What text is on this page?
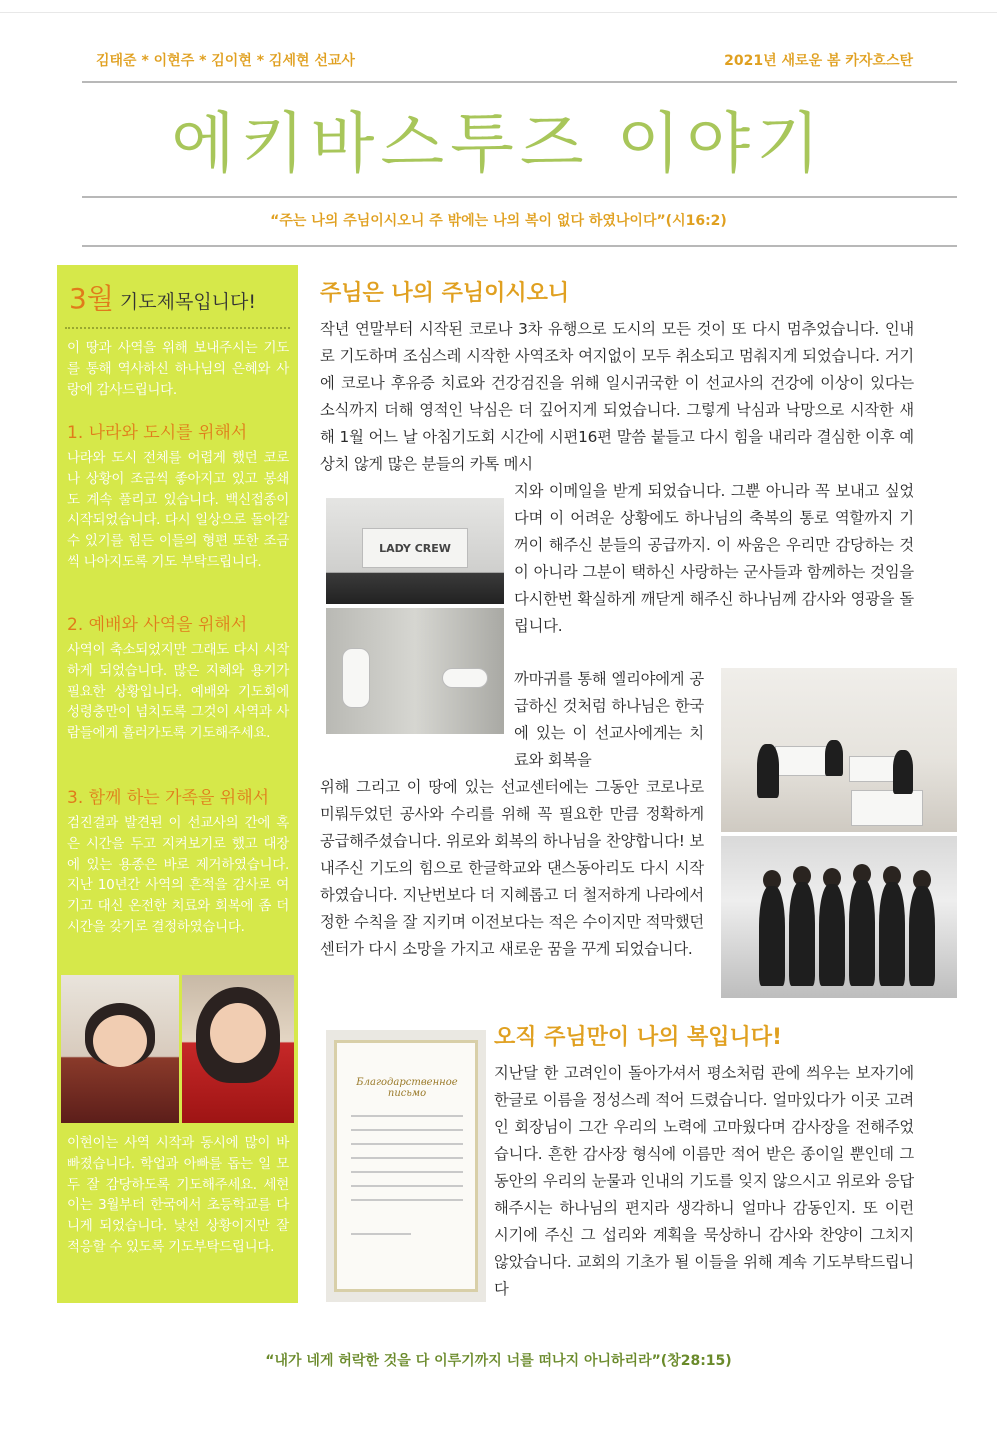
김태준 * 이현주 * 김이현 * 김세현 선교사	2021년 새로운 봄 카자흐스탄
에키바스투즈 이야기
“주는 나의 주님이시오니 주 밖에는 나의 복이 없다 하였나이다”(시16:2)
3월 기도제목입니다!

이 땅과 사역을 위해 보내주시는 기도를 통해 역사하신 하나님의 은혜와 사랑에 감사드립니다.

1. 나라와 도시를 위해서

나라와 도시 전체를 어렵게 했던 코로나 상황이 조금씩 좋아지고 있고 봉쇄도 계속 풀리고 있습니다. 백신접종이 시작되었습니다. 다시 일상으로 돌아갈 수 있기를 힘든 이들의 형편 또한 조금씩 나아지도록 기도 부탁드립니다.

2. 예배와 사역을 위해서

사역이 축소되었지만 그래도 다시 시작하게 되었습니다. 많은 지혜와 용기가 필요한 상황입니다. 예배와 기도회에 성령충만이 넘치도록 그것이 사역과 사람들에게 흘러가도록 기도해주세요.

3. 함께 하는 가족을 위해서

검진결과 발견된 이 선교사의 간에 혹은 시간을 두고 지켜보기로 했고 대장에 있는 용종은 바로 제거하였습니다. 지난 10년간 사역의 흔적을 감사로 여기고 대신 온전한 치료와 회복에 좀 더 시간을 갖기로 결정하였습니다.

이현이는 사역 시작과 동시에 많이 바빠졌습니다. 학업과 아빠를 돕는 일 모두 잘 감당하도록 기도해주세요. 세현이는 3월부터 한국에서 초등학교를 다니게 되었습니다. 낯선 상황이지만 잘 적응할 수 있도록 기도부탁드립니다.

주님은 나의 주님이시오니

작년 연말부터 시작된 코로나 3차 유행으로 도시의 모든 것이 또 다시 멈추었습니다. 인내로 기도하며 조심스레 시작한 사역조차 여지없이 모두 취소되고 멈춰지게 되었습니다. 거기에 코로나 후유증 치료와 건강검진을 위해 일시귀국한 이 선교사의 건강에 이상이 있다는 소식까지 더해 영적인 낙심은 더 깊어지게 되었습니다. 그렇게 낙심과 낙망으로 시작한 새해 1월 어느 날 아침기도회 시간에 시편16편 말씀 붙들고 다시 힘을 내리라 결심한 이후 예상치 않게 많은 분들의 카톡 메시

지와 이메일을 받게 되었습니다. 그뿐 아니라 꼭 보내고 싶었다며 이 어려운 상황에도 하나님의 축복의 통로 역할까지 기꺼이 해주신 분들의 공급까지. 이 싸움은 우리만 감당하는 것이 아니라 그분이 택하신 사랑하는 군사들과 함께하는 것임을 다시한번 확실하게 깨닫게 해주신 하나님께 감사와 영광을 돌립니다.

LADY CREW

까마귀를 통해 엘리야에게 공급하신 것처럼 하나님은 한국에 있는 이 선교사에게는 치료와 회복을

위해 그리고 이 땅에 있는 선교센터에는 그동안 코로나로 미뤄두었던 공사와 수리를 위해 꼭 필요한 만큼 정확하게 공급해주셨습니다. 위로와 회복의 하나님을 찬양합니다! 보내주신 기도의 힘으로 한글학교와 댄스동아리도 다시 시작하였습니다. 지난번보다 더 지혜롭고 더 철저하게 나라에서 정한 수칙을 잘 지키며 이전보다는 적은 수이지만 적막했던 센터가 다시 소망을 가지고 새로운 꿈을 꾸게 되었습니다.

오직 주님만이 나의 복입니다!
Благодарственное письмо

지난달 한 고려인이 돌아가셔서 평소처럼 관에 씌우는 보자기에 한글로 이름을 정성스레 적어 드렸습니다. 얼마있다가 이곳 고려인 회장님이 그간 우리의 노력에 고마웠다며 감사장을 전해주었습니다. 흔한 감사장 형식에 이름만 적어 받은 종이일 뿐인데 그동안의 우리의 눈물과 인내의 기도를 잊지 않으시고 위로와 응답해주시는 하나님의 편지라 생각하니 얼마나 감동인지. 또 이런 시기에 주신 그 섭리와 계획을 묵상하니 감사와 찬양이 그치지 않았습니다. 교회의 기초가 될 이들을 위해 계속 기도부탁드립니다

“내가 네게 허락한 것을 다 이루기까지 너를 떠나지 아니하리라”(창28:15)
